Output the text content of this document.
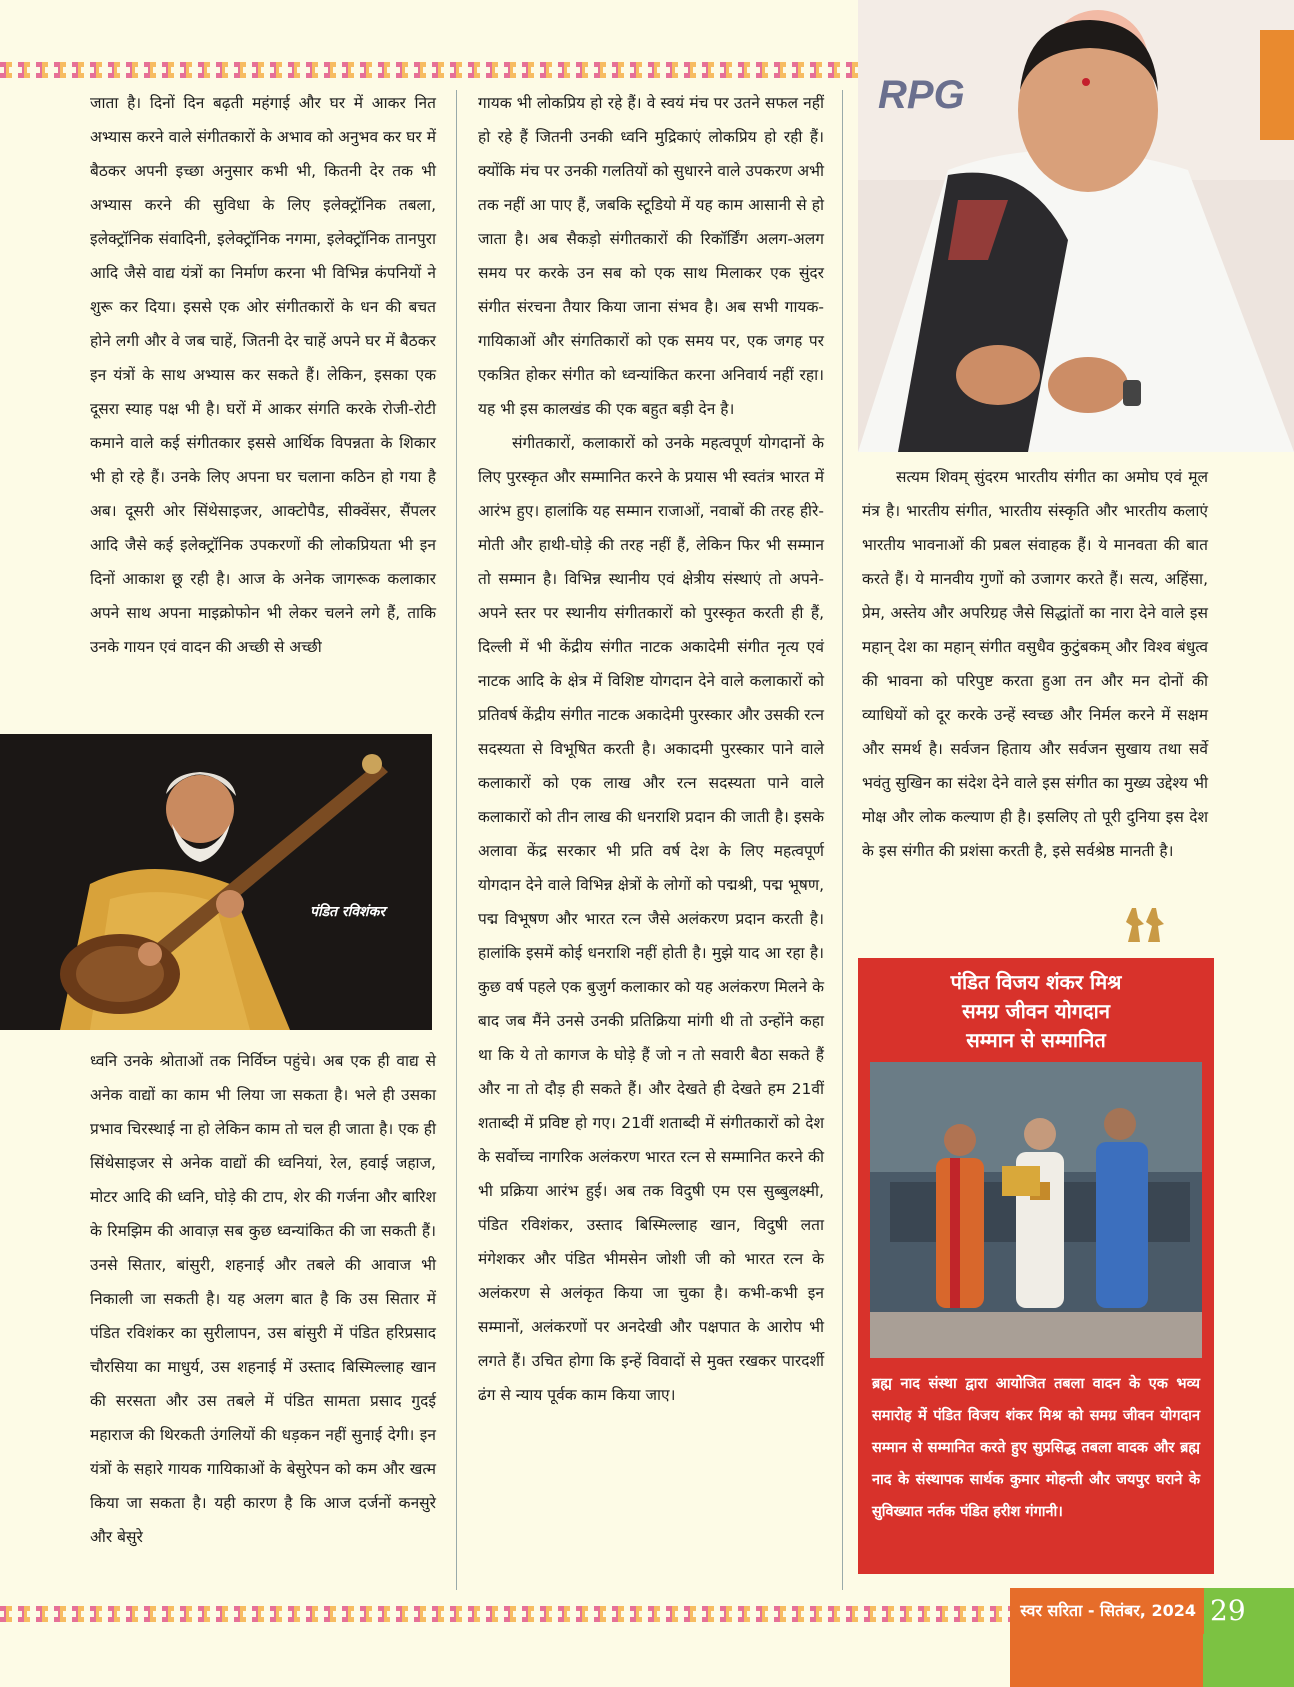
जाता है। दिनों दिन बढ़ती महंगाई और घर में आकर नित अभ्यास करने वाले संगीतकारों के अभाव को अनुभव कर घर में बैठकर अपनी इच्छा अनुसार कभी भी, कितनी देर तक भी अभ्यास करने की सुविधा के लिए इलेक्ट्रॉनिक तबला, इलेक्ट्रॉनिक संवादिनी, इलेक्ट्रॉनिक नगमा, इलेक्ट्रॉनिक तानपुरा आदि जैसे वाद्य यंत्रों का निर्माण करना भी विभिन्न कंपनियों ने शुरू कर दिया। इससे एक ओर संगीतकारों के धन की बचत होने लगी और वे जब चाहें, जितनी देर चाहें अपने घर में बैठकर इन यंत्रों के साथ अभ्यास कर सकते हैं। लेकिन, इसका एक दूसरा स्याह पक्ष भी है। घरों में आकर संगति करके रोजी-रोटी कमाने वाले कई संगीतकार इससे आर्थिक विपन्नता के शिकार भी हो रहे हैं। उनके लिए अपना घर चलाना कठिन हो गया है अब। दूसरी ओर सिंथेसाइजर, आक्टोपैड, सीक्वेंसर, सैंपलर आदि जैसे कई इलेक्ट्रॉनिक उपकरणों की लोकप्रियता भी इन दिनों आकाश छू रही है। आज के अनेक जागरूक कलाकार अपने साथ अपना माइक्रोफोन भी लेकर चलने लगे हैं, ताकि उनके गायन एवं वादन की अच्छी से अच्छी

पंडित रविशंकर

ध्वनि उनके श्रोताओं तक निर्विघ्न पहुंचे। अब एक ही वाद्य से अनेक वाद्यों का काम भी लिया जा सकता है। भले ही उसका प्रभाव चिरस्थाई ना हो लेकिन काम तो चल ही जाता है। एक ही सिंथेसाइजर से अनेक वाद्यों की ध्वनियां, रेल, हवाई जहाज, मोटर आदि की ध्वनि, घोड़े की टाप, शेर की गर्जना और बारिश के रिमझिम की आवाज़ सब कुछ ध्वन्यांकित की जा सकती हैं। उनसे सितार, बांसुरी, शहनाई और तबले की आवाज भी निकाली जा सकती है। यह अलग बात है कि उस सितार में पंडित रविशंकर का सुरीलापन, उस बांसुरी में पंडित हरिप्रसाद चौरसिया का माधुर्य, उस शहनाई में उस्ताद बिस्मिल्लाह खान की सरसता और उस तबले में पंडित सामता प्रसाद गुदई महाराज की थिरकती उंगलियों की धड़कन नहीं सुनाई देगी। इन यंत्रों के सहारे गायक गायिकाओं के बेसुरेपन को कम और खत्म किया जा सकता है। यही कारण है कि आज दर्जनों कनसुरे और बेसुरे

गायक भी लोकप्रिय हो रहे हैं। वे स्वयं मंच पर उतने सफल नहीं हो रहे हैं जितनी उनकी ध्वनि मुद्रिकाएं लोकप्रिय हो रही हैं। क्योंकि मंच पर उनकी गलतियों को सुधारने वाले उपकरण अभी तक नहीं आ पाए हैं, जबकि स्टूडियो में यह काम आसानी से हो जाता है। अब सैकड़ो संगीतकारों की रिकॉर्डिंग अलग-अलग समय पर करके उन सब को एक साथ मिलाकर एक सुंदर संगीत संरचना तैयार किया जाना संभव है। अब सभी गायक-गायिकाओं और संगतिकारों को एक समय पर, एक जगह पर एकत्रित होकर संगीत को ध्वन्यांकित करना अनिवार्य नहीं रहा। यह भी इस कालखंड की एक बहुत बड़ी देन है।

संगीतकारों, कलाकारों को उनके महत्वपूर्ण योगदानों के लिए पुरस्कृत और सम्मानित करने के प्रयास भी स्वतंत्र भारत में आरंभ हुए। हालांकि यह सम्मान राजाओं, नवाबों की तरह हीरे-मोती और हाथी-घोड़े की तरह नहीं हैं, लेकिन फिर भी सम्मान तो सम्मान है। विभिन्न स्थानीय एवं क्षेत्रीय संस्थाएं तो अपने-अपने स्तर पर स्थानीय संगीतकारों को पुरस्कृत करती ही हैं, दिल्ली में भी केंद्रीय संगीत नाटक अकादेमी संगीत नृत्य एवं नाटक आदि के क्षेत्र में विशिष्ट योगदान देने वाले कलाकारों को प्रतिवर्ष केंद्रीय संगीत नाटक अकादेमी पुरस्कार और उसकी रत्न सदस्यता से विभूषित करती है। अकादमी पुरस्कार पाने वाले कलाकारों को एक लाख और रत्न सदस्यता पाने वाले कलाकारों को तीन लाख की धनराशि प्रदान की जाती है। इसके अलावा केंद्र सरकार भी प्रति वर्ष देश के लिए महत्वपूर्ण योगदान देने वाले विभिन्न क्षेत्रों के लोगों को पद्मश्री, पद्म भूषण, पद्म विभूषण और भारत रत्न जैसे अलंकरण प्रदान करती है। हालांकि इसमें कोई धनराशि नहीं होती है। मुझे याद आ रहा है। कुछ वर्ष पहले एक बुजुर्ग कलाकार को यह अलंकरण मिलने के बाद जब मैंने उनसे उनकी प्रतिक्रिया मांगी थी तो उन्होंने कहा था कि ये तो कागज के घोड़े हैं जो न तो सवारी बैठा सकते हैं और ना तो दौड़ ही सकते हैं। और देखते ही देखते हम 21वीं शताब्दी में प्रविष्ट हो गए। 21वीं शताब्दी में संगीतकारों को देश के सर्वोच्च नागरिक अलंकरण भारत रत्न से सम्मानित करने की भी प्रक्रिया आरंभ हुई। अब तक विदुषी एम एस सुब्बुलक्ष्मी, पंडित रविशंकर, उस्ताद बिस्मिल्लाह खान, विदुषी लता मंगेशकर और पंडित भीमसेन जोशी जी को भारत रत्न के अलंकरण से अलंकृत किया जा चुका है। कभी-कभी इन सम्मानों, अलंकरणों पर अनदेखी और पक्षपात के आरोप भी लगते हैं। उचित होगा कि इन्हें विवादों से मुक्त रखकर पारदर्शी ढंग से न्याय पूर्वक काम किया जाए।

RPG

सत्यम शिवम् सुंदरम भारतीय संगीत का अमोघ एवं मूल मंत्र है। भारतीय संगीत, भारतीय संस्कृति और भारतीय कलाएं भारतीय भावनाओं की प्रबल संवाहक हैं। ये मानवता की बात करते हैं। ये मानवीय गुणों को उजागर करते हैं। सत्य, अहिंसा, प्रेम, अस्तेय और अपरिग्रह जैसे सिद्धांतों का नारा देने वाले इस महान् देश का महान् संगीत वसुधैव कुटुंबकम् और विश्व बंधुत्व की भावना को परिपुष्ट करता हुआ तन और मन दोनों की व्याधियों को दूर करके उन्हें स्वच्छ और निर्मल करने में सक्षम और समर्थ है। सर्वजन हिताय और सर्वजन सुखाय तथा सर्वे भवंतु सुखिन का संदेश देने वाले इस संगीत का मुख्य उद्देश्य भी मोक्ष और लोक कल्याण ही है। इसलिए तो पूरी दुनिया इस देश के इस संगीत की प्रशंसा करती है, इसे सर्वश्रेष्ठ मानती है।

पंडित विजय शंकर मिश्र
समग्र जीवन योगदान
सम्मान से सम्मानित
ब्रह्म नाद संस्था द्वारा आयोजित तबला वादन के एक भव्य समारोह में पंडित विजय शंकर मिश्र को समग्र जीवन योगदान सम्मान से सम्मानित करते हुए सुप्रसिद्ध तबला वादक और ब्रह्म नाद के संस्थापक सार्थक कुमार मोहन्ती और जयपुर घराने के सुविख्यात नर्तक पंडित हरीश गंगानी।
स्वर सरिता - सितंबर, 2024 29
